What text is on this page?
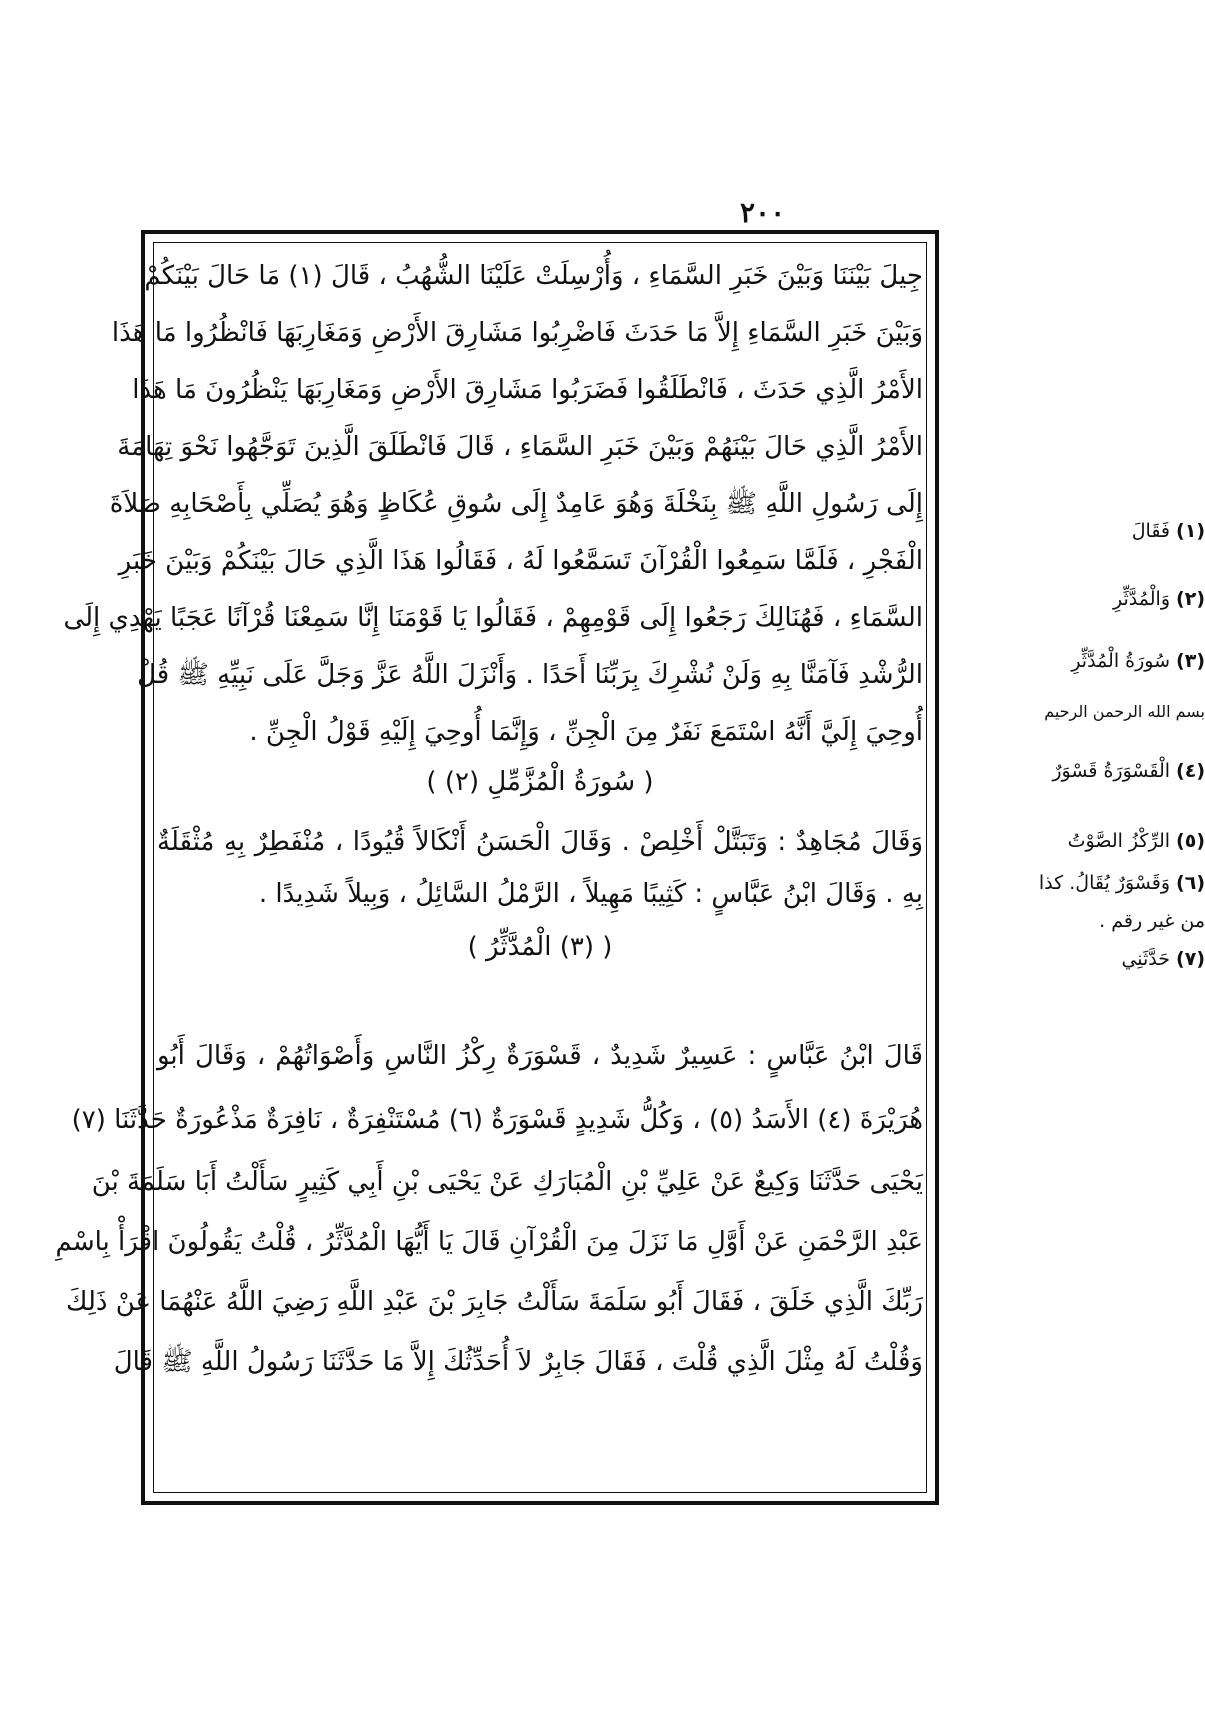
٢٠٠
جِيلَ بَيْنَنَا وَبَيْنَ خَبَرِ السَّمَاءِ ، وَأُرْسِلَتْ عَلَيْنَا الشُّهُبُ ، قَالَ (١) مَا حَالَ بَيْنَكُمْ
وَبَيْنَ خَبَرِ السَّمَاءِ إِلاَّ مَا حَدَثَ فَاضْرِبُوا مَشَارِقَ الأَرْضِ وَمَغَارِبَهَا فَانْظُرُوا مَا هَذَا
الأَمْرُ الَّذِي حَدَثَ ، فَانْطَلَقُوا فَضَرَبُوا مَشَارِقَ الأَرْضِ وَمَغَارِبَهَا يَنْظُرُونَ مَا هَذَا
الأَمْرُ الَّذِي حَالَ بَيْنَهُمْ وَبَيْنَ خَبَرِ السَّمَاءِ ، قَالَ فَانْطَلَقَ الَّذِينَ تَوَجَّهُوا نَحْوَ تِهَامَةَ
إِلَى رَسُولِ اللَّهِ ﷺ بِنَخْلَةَ وَهُوَ عَامِدٌ إِلَى سُوقِ عُكَاظٍ وَهُوَ يُصَلِّي بِأَصْحَابِهِ صَلاَةَ
الْفَجْرِ ، فَلَمَّا سَمِعُوا الْقُرْآنَ تَسَمَّعُوا لَهُ ، فَقَالُوا هَذَا الَّذِي حَالَ بَيْنَكُمْ وَبَيْنَ خَبَرِ
السَّمَاءِ ، فَهُنَالِكَ رَجَعُوا إِلَى قَوْمِهِمْ ، فَقَالُوا يَا قَوْمَنَا إِنَّا سَمِعْنَا قُرْآنًا عَجَبًا يَهْدِي إِلَى
الرُّشْدِ فَآمَنَّا بِهِ وَلَنْ نُشْرِكَ بِرَبِّنَا أَحَدًا . وَأَنْزَلَ اللَّهُ عَزَّ وَجَلَّ عَلَى نَبِيِّهِ ﷺ قُلْ
أُوحِيَ إِلَيَّ أَنَّهُ اسْتَمَعَ نَفَرٌ مِنَ الْجِنِّ ، وَإِنَّمَا أُوحِيَ إِلَيْهِ قَوْلُ الْجِنِّ .
( سُورَةُ الْمُزَّمِّلِ (٢) )
وَقَالَ مُجَاهِدٌ : وَتَبَتَّلْ أَخْلِصْ . وَقَالَ الْحَسَنُ أَنْكَالاً قُيُودًا ، مُنْفَطِرٌ بِهِ مُثْقَلَةٌ
بِهِ . وَقَالَ ابْنُ عَبَّاسٍ : كَثِيبًا مَهِيلاً ، الرَّمْلُ السَّائِلُ ، وَبِيلاً شَدِيدًا .
( (٣) الْمُدَّثِّرُ )
قَالَ ابْنُ عَبَّاسٍ : عَسِيرٌ شَدِيدٌ ، قَسْوَرَةٌ رِكْزُ النَّاسِ وَأَصْوَاتُهُمْ ، وَقَالَ أَبُو
هُرَيْرَةَ (٤) الأَسَدُ (٥) ، وَكُلُّ شَدِيدٍ قَسْوَرَةٌ (٦) مُسْتَنْفِرَةٌ ، نَافِرَةٌ مَذْعُورَةٌ حَدَّثَنَا (٧)
يَحْيَى حَدَّثَنَا وَكِيعٌ عَنْ عَلِيِّ بْنِ الْمُبَارَكِ عَنْ يَحْيَى بْنِ أَبِي كَثِيرٍ سَأَلْتُ أَبَا سَلَمَةَ بْنَ
عَبْدِ الرَّحْمَنِ عَنْ أَوَّلِ مَا نَزَلَ مِنَ الْقُرْآنِ قَالَ يَا أَيُّهَا الْمُدَّثِّرُ ، قُلْتُ يَقُولُونَ اقْرَأْ بِاسْمِ
رَبِّكَ الَّذِي خَلَقَ ، فَقَالَ أَبُو سَلَمَةَ سَأَلْتُ جَابِرَ بْنَ عَبْدِ اللَّهِ رَضِيَ اللَّهُ عَنْهُمَا عَنْ ذَلِكَ
وَقُلْتُ لَهُ مِثْلَ الَّذِي قُلْتَ ، فَقَالَ جَابِرٌ لاَ أُحَدِّثُكَ إِلاَّ مَا حَدَّثَنَا رَسُولُ اللَّهِ ﷺ قَالَ
(١)فَقَالَ
(٢)وَالْمُدَّثِّرِ
(٣)سُورَةُ الْمُدَّثِّرِ
بسم الله الرحمن الرحيم
(٤)الْقَسْوَرَةُ قَسْوَرٌ
(٥)الرِّكْزُ الصَّوْتُ
(٦)وَقَسْوَرٌ يُقَالُ. كذا
من غير رقم .
(٧)حَدَّثَنِي
